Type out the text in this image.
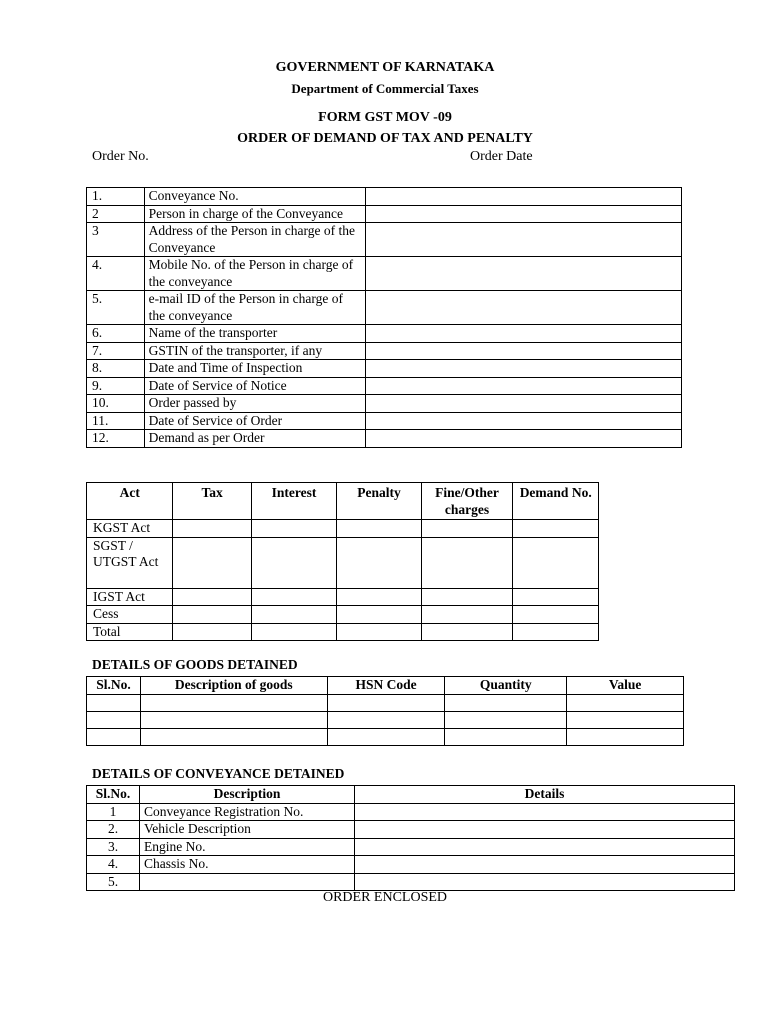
GOVERNMENT OF KARNATAKA
Department of Commercial Taxes
FORM GST MOV -09
ORDER OF DEMAND OF TAX AND PENALTY
Order No.	Order Date
1.	Conveyance No.	
2	Person in charge of the Conveyance	
3	Address of the Person in charge of the Conveyance	
4.	Mobile No. of the Person in charge of the conveyance	
5.	e-mail ID of the Person in charge of the conveyance	
6.	Name of the transporter	
7.	GSTIN of the transporter, if any	
8.	Date and Time of Inspection	
9.	Date of Service of Notice	
10.	Order passed by	
11.	Date of Service of Order	
12.	Demand as per Order	
Act	Tax	Interest	Penalty	Fine/Other charges	Demand No.
KGST Act					
SGST / UTGST Act					
IGST Act					
Cess					
Total					
DETAILS OF GOODS DETAINED
Sl.No.	Description of goods	HSN Code	Quantity	Value

DETAILS OF CONVEYANCE DETAINED
Sl.No.	Description	Details
1	Conveyance Registration No.	
2.	Vehicle Description	
3.	Engine No.	
4.	Chassis No.	
5.		
ORDER ENCLOSED
